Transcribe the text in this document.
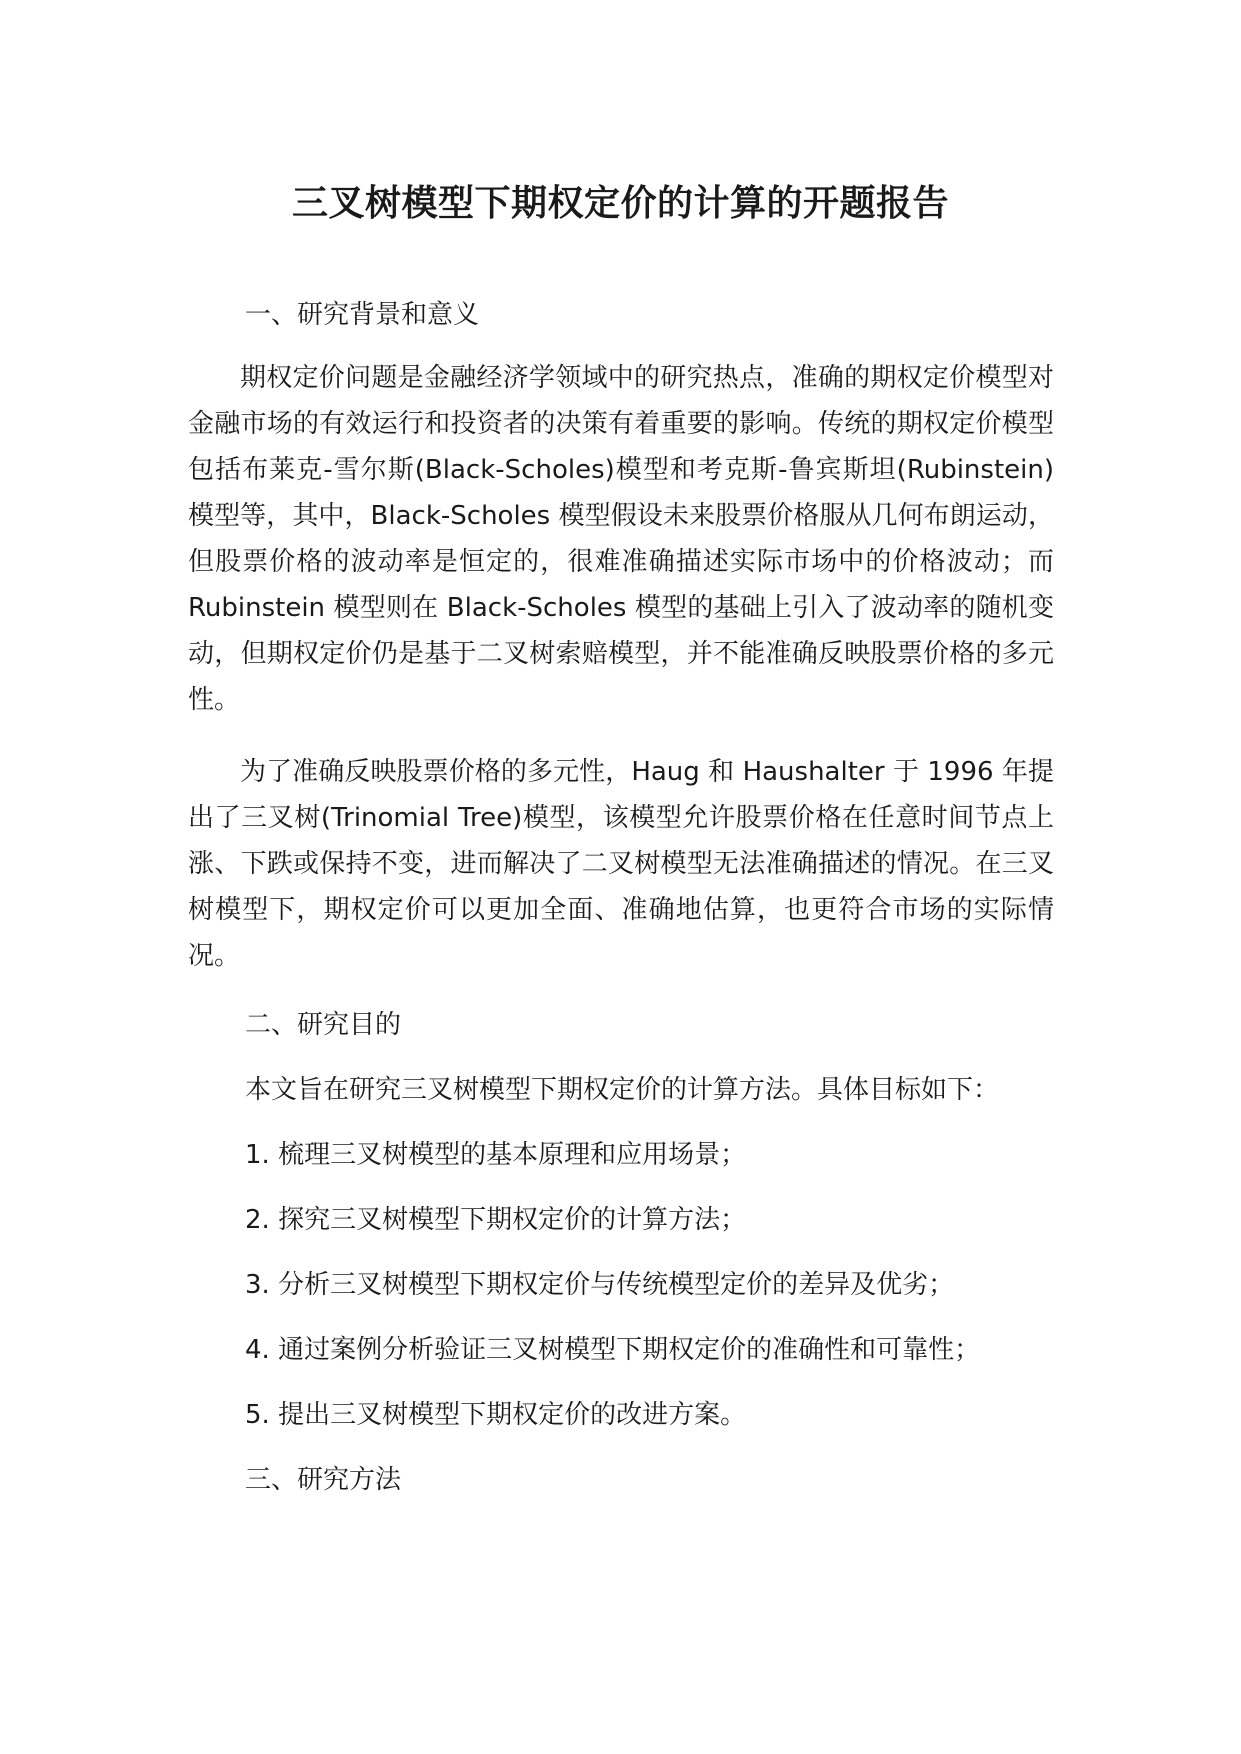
三叉树模型下期权定价的计算的开题报告

一、研究背景和意义

期权定价问题是金融经济学领域中的研究热点，准确的期权定价模型对金融市场的有效运行和投资者的决策有着重要的影响。传统的期权定价模型包括布莱克-雪尔斯(Black-Scholes)模型和考克斯-鲁宾斯坦(Rubinstein)模型等，其中，Black-Scholes 模型假设未来股票价格服从几何布朗运动，但股票价格的波动率是恒定的，很难准确描述实际市场中的价格波动；而 Rubinstein 模型则在 Black-Scholes 模型的基础上引入了波动率的随机变动，但期权定价仍是基于二叉树索赔模型，并不能准确反映股票价格的多元性。

为了准确反映股票价格的多元性，Haug 和 Haushalter 于 1996 年提出了三叉树(Trinomial Tree)模型，该模型允许股票价格在任意时间节点上涨、下跌或保持不变，进而解决了二叉树模型无法准确描述的情况。在三叉树模型下，期权定价可以更加全面、准确地估算，也更符合市场的实际情况。

二、研究目的

本文旨在研究三叉树模型下期权定价的计算方法。具体目标如下：

1. 梳理三叉树模型的基本原理和应用场景；

2. 探究三叉树模型下期权定价的计算方法；

3. 分析三叉树模型下期权定价与传统模型定价的差异及优劣；

4. 通过案例分析验证三叉树模型下期权定价的准确性和可靠性；

5. 提出三叉树模型下期权定价的改进方案。

三、研究方法
